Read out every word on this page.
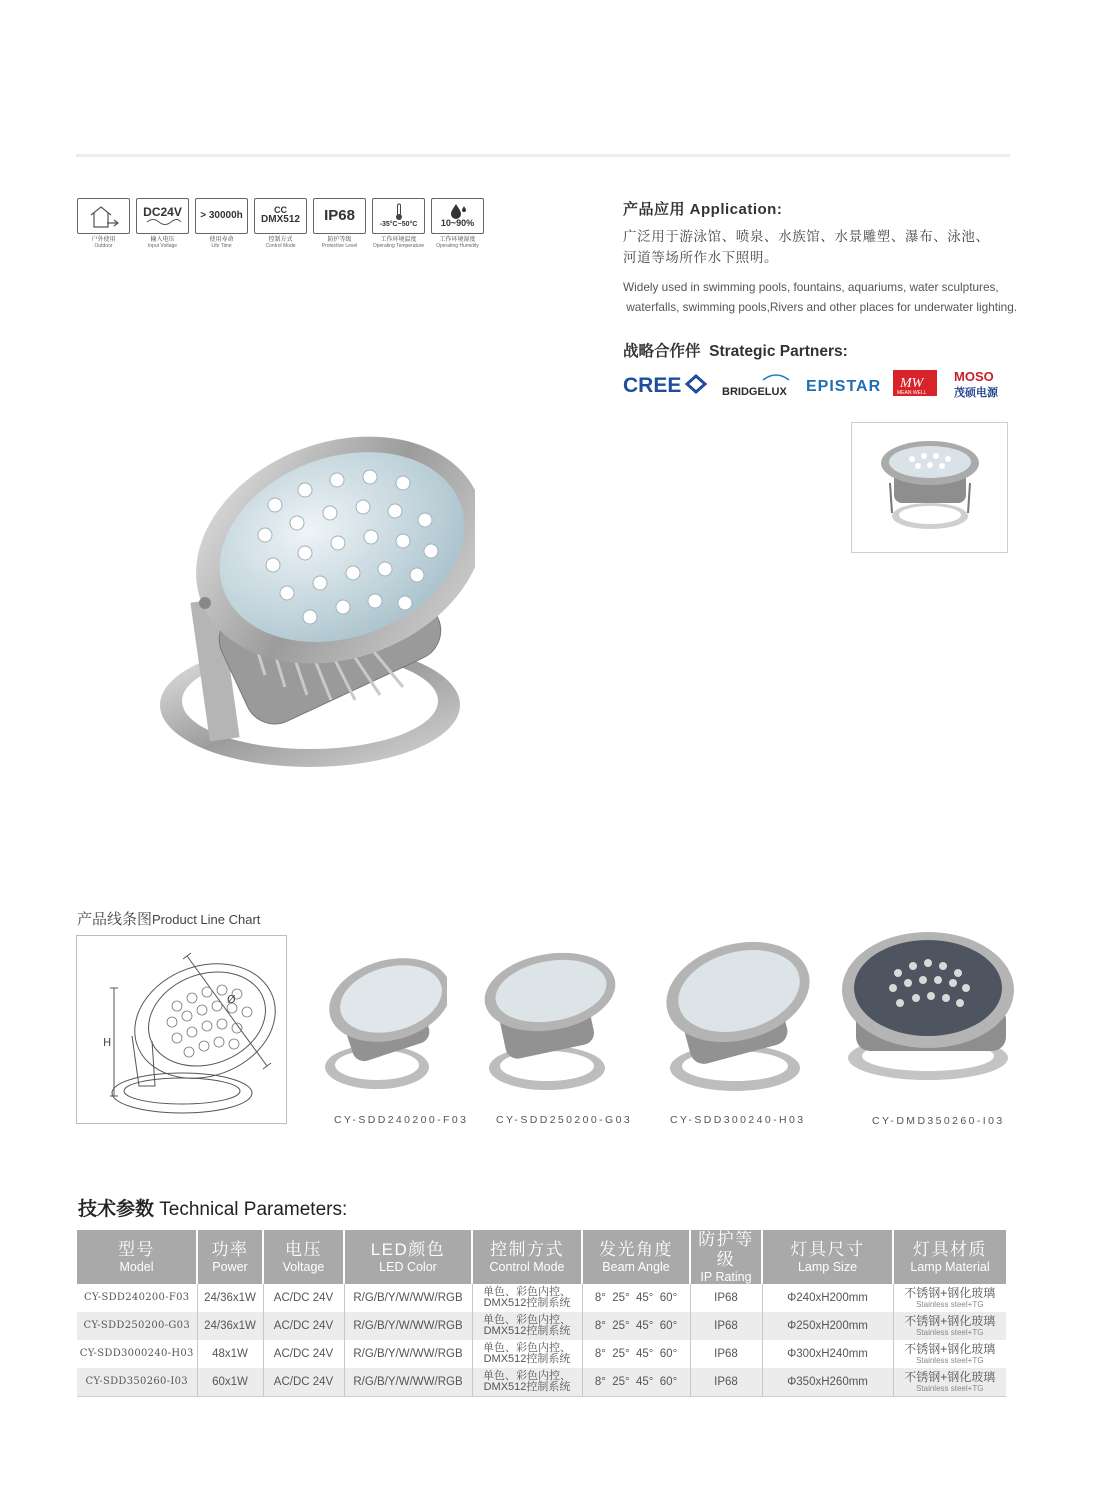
户外使用
Outdoor
DC24V
输入电压
Input Voltage
> 30000h
使用寿命
Life Time
CC
DMX512
控制方式
Control Mode
IP68
防护等级
Protective Level
-35°C~50°C
工作环境温度
Operating Temperature
10~90%
工作环境湿度
Operating Humidity
产品应用 Application:
广泛用于游泳馆、喷泉、水族馆、水景雕塑、瀑布、泳池、
河道等场所作水下照明。
Widely used in swimming pools, fountains, aquariums, water sculptures,
waterfalls, swimming pools,Rivers and other places for underwater lighting.
战略合作伴  Strategic Partners:
CREE	BRIDGELUX EPISTAR MW
MEAN WELL
MOSO
茂硕电源
产品线条图Product Line Chart
Ø
H
CY-SDD240200-F03	CY-SDD250200-G03	CY-SDD300240-H03	CY-DMD350260-I03
技术参数 Technical Parameters:
型号
Model	功率
Power	电压
Voltage	LED颜色
LED Color	控制方式
Control Mode	发光角度
Beam Angle	防护等级
IP Rating	灯具尺寸
Lamp Size	灯具材质
Lamp Material

CY-SDD240200-F03	24/36x1W	AC/DC 24V	R/G/B/Y/W/WW/RGB	单色、彩色内控、
DMX512控制系统	8°  25°  45°  60°	IP68	Φ240xH200mm	不锈钢+钢化玻璃
Stainless steel+TG

CY-SDD250200-G03	24/36x1W	AC/DC 24V	R/G/B/Y/W/WW/RGB	单色、彩色内控、
DMX512控制系统	8°  25°  45°  60°	IP68	Φ250xH200mm	不锈钢+钢化玻璃
Stainless steel+TG

CY-SDD3000240-H03	48x1W	AC/DC 24V	R/G/B/Y/W/WW/RGB	单色、彩色内控、
DMX512控制系统	8°  25°  45°  60°	IP68	Φ300xH240mm	不锈钢+钢化玻璃
Stainless steel+TG

CY-SDD350260-I03	60x1W	AC/DC 24V	R/G/B/Y/W/WW/RGB	单色、彩色内控、
DMX512控制系统	8°  25°  45°  60°	IP68	Φ350xH260mm	不锈钢+钢化玻璃
Stainless steel+TG
